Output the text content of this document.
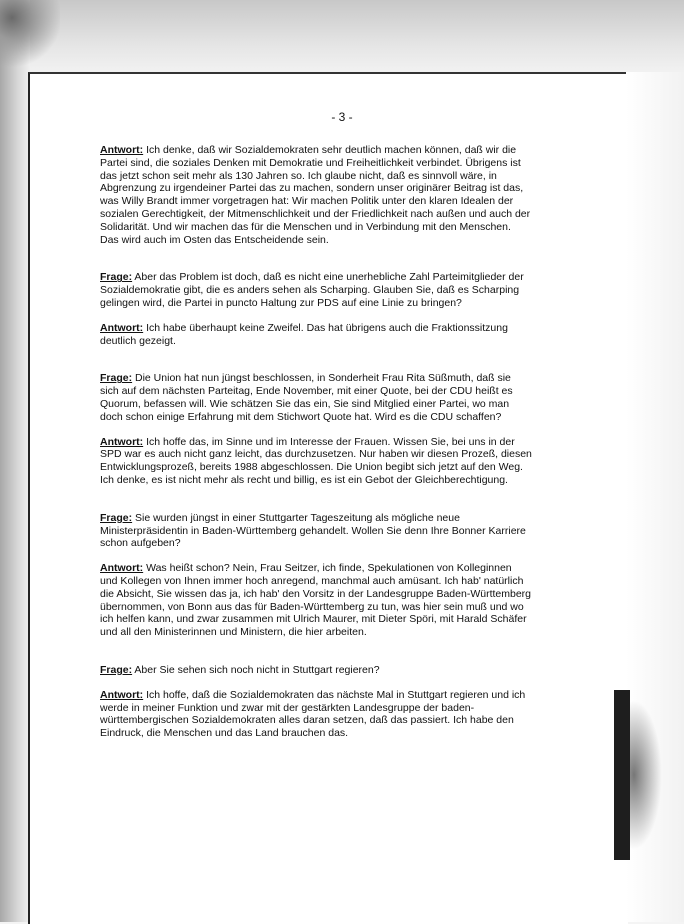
- 3 -

Antwort: Ich denke, daß wir Sozialdemokraten sehr deutlich machen können, daß wir die Partei sind, die soziales Denken mit Demokratie und Freiheitlichkeit verbindet. Übrigens ist das jetzt schon seit mehr als 130 Jahren so. Ich glaube nicht, daß es sinnvoll wäre, in Abgrenzung zu irgendeiner Partei das zu machen, sondern unser originärer Beitrag ist das, was Willy Brandt immer vorgetragen hat: Wir machen Politik unter den klaren Idealen der sozialen Gerechtigkeit, der Mitmenschlichkeit und der Friedlichkeit nach außen und auch der Solidarität. Und wir machen das für die Menschen und in Verbindung mit den Menschen. Das wird auch im Osten das Entscheidende sein.

Frage: Aber das Problem ist doch, daß es nicht eine unerhebliche Zahl Parteimitglieder der Sozialdemokratie gibt, die es anders sehen als Scharping. Glauben Sie, daß es Scharping gelingen wird, die Partei in puncto Haltung zur PDS auf eine Linie zu bringen?

Antwort: Ich habe überhaupt keine Zweifel. Das hat übrigens auch die Fraktionssitzung deutlich gezeigt.

Frage: Die Union hat nun jüngst beschlossen, in Sonderheit Frau Rita Süßmuth, daß sie sich auf dem nächsten Parteitag, Ende November, mit einer Quote, bei der CDU heißt es Quorum, befassen will. Wie schätzen Sie das ein, Sie sind Mitglied einer Partei, wo man doch schon einige Erfahrung mit dem Stichwort Quote hat. Wird es die CDU schaffen?

Antwort: Ich hoffe das, im Sinne und im Interesse der Frauen. Wissen Sie, bei uns in der SPD war es auch nicht ganz leicht, das durchzusetzen. Nur haben wir diesen Prozeß, diesen Entwicklungsprozeß, bereits 1988 abgeschlossen. Die Union begibt sich jetzt auf den Weg. Ich denke, es ist nicht mehr als recht und billig, es ist ein Gebot der Gleichberechtigung.

Frage: Sie wurden jüngst in einer Stuttgarter Tageszeitung als mögliche neue Ministerpräsidentin in Baden-Württemberg gehandelt. Wollen Sie denn Ihre Bonner Karriere schon aufgeben?

Antwort: Was heißt schon? Nein, Frau Seitzer, ich finde, Spekulationen von Kolleginnen und Kollegen von Ihnen immer hoch anregend, manchmal auch amüsant. Ich hab' natürlich die Absicht, Sie wissen das ja, ich hab' den Vorsitz in der Landesgruppe Baden-Württemberg übernommen, von Bonn aus das für Baden-Württemberg zu tun, was hier sein muß und wo ich helfen kann, und zwar zusammen mit Ulrich Maurer, mit Dieter Spöri, mit Harald Schäfer und all den Ministerinnen und Ministern, die hier arbeiten.

Frage: Aber Sie sehen sich noch nicht in Stuttgart regieren?

Antwort: Ich hoffe, daß die Sozialdemokraten das nächste Mal in Stuttgart regieren und ich werde in meiner Funktion und zwar mit der gestärkten Landesgruppe der baden-württembergischen Sozialdemokraten alles daran setzen, daß das passiert. Ich habe den Eindruck, die Menschen und das Land brauchen das.
